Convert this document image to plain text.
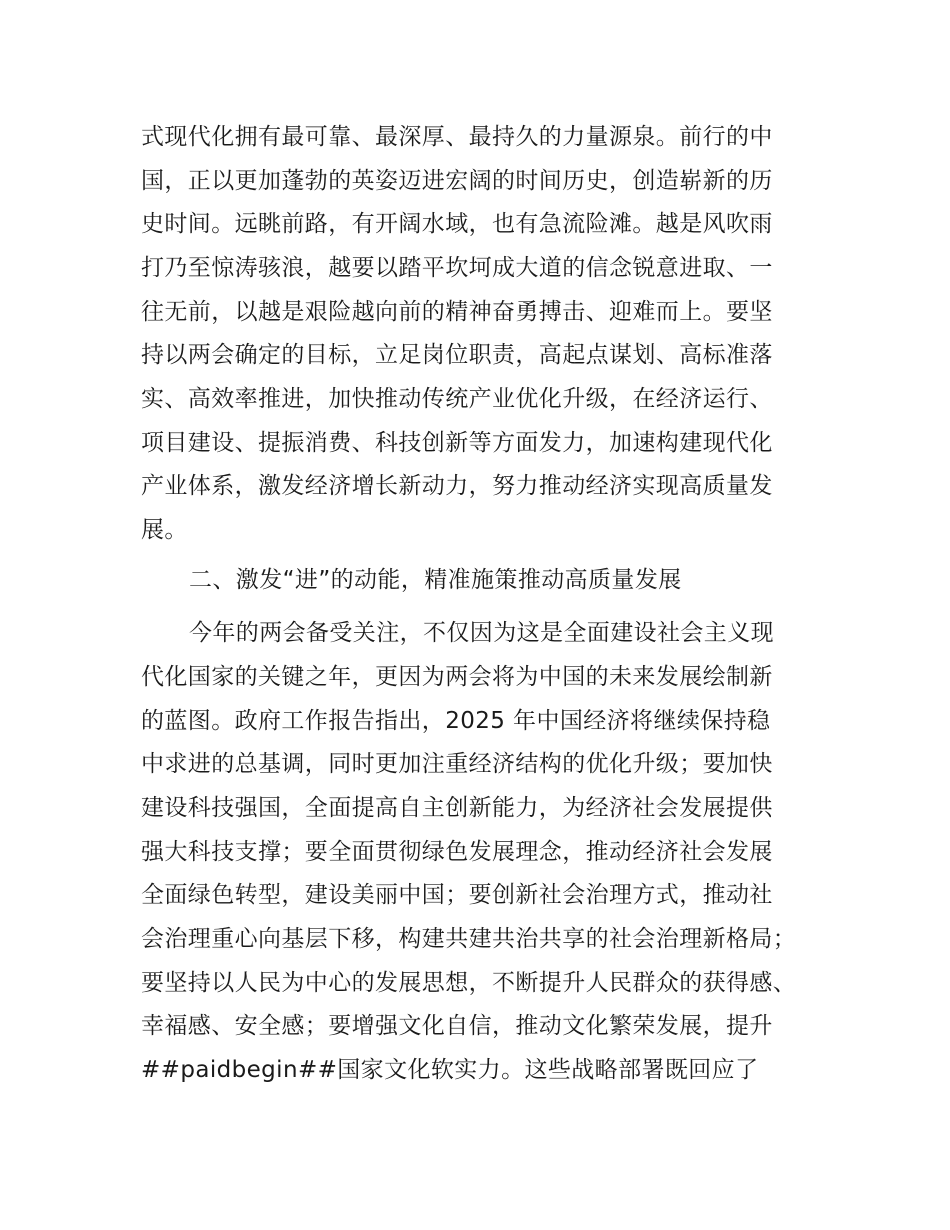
式现代化拥有最可靠、最深厚、最持久的力量源泉。前行的中
国，正以更加蓬勃的英姿迈进宏阔的时间历史，创造崭新的历
史时间。远眺前路，有开阔水域，也有急流险滩。越是风吹雨
打乃至惊涛骇浪，越要以踏平坎坷成大道的信念锐意进取、一
往无前，以越是艰险越向前的精神奋勇搏击、迎难而上。要坚
持以两会确定的目标，立足岗位职责，高起点谋划、高标准落
实、高效率推进，加快推动传统产业优化升级，在经济运行、
项目建设、提振消费、科技创新等方面发力，加速构建现代化
产业体系，激发经济增长新动力，努力推动经济实现高质量发
展。
二、激发“进”的动能，精准施策推动高质量发展
今年的两会备受关注，不仅因为这是全面建设社会主义现
代化国家的关键之年，更因为两会将为中国的未来发展绘制新
的蓝图。政府工作报告指出，2025 年中国经济将继续保持稳
中求进的总基调，同时更加注重经济结构的优化升级；要加快
建设科技强国，全面提高自主创新能力，为经济社会发展提供
强大科技支撑；要全面贯彻绿色发展理念，推动经济社会发展
全面绿色转型，建设美丽中国；要创新社会治理方式，推动社
会治理重心向基层下移，构建共建共治共享的社会治理新格局；
要坚持以人民为中心的发展思想，不断提升人民群众的获得感、
幸福感、安全感；要增强文化自信，推动文化繁荣发展，提升
##paidbegin##国家文化软实力。这些战略部署既回应了
